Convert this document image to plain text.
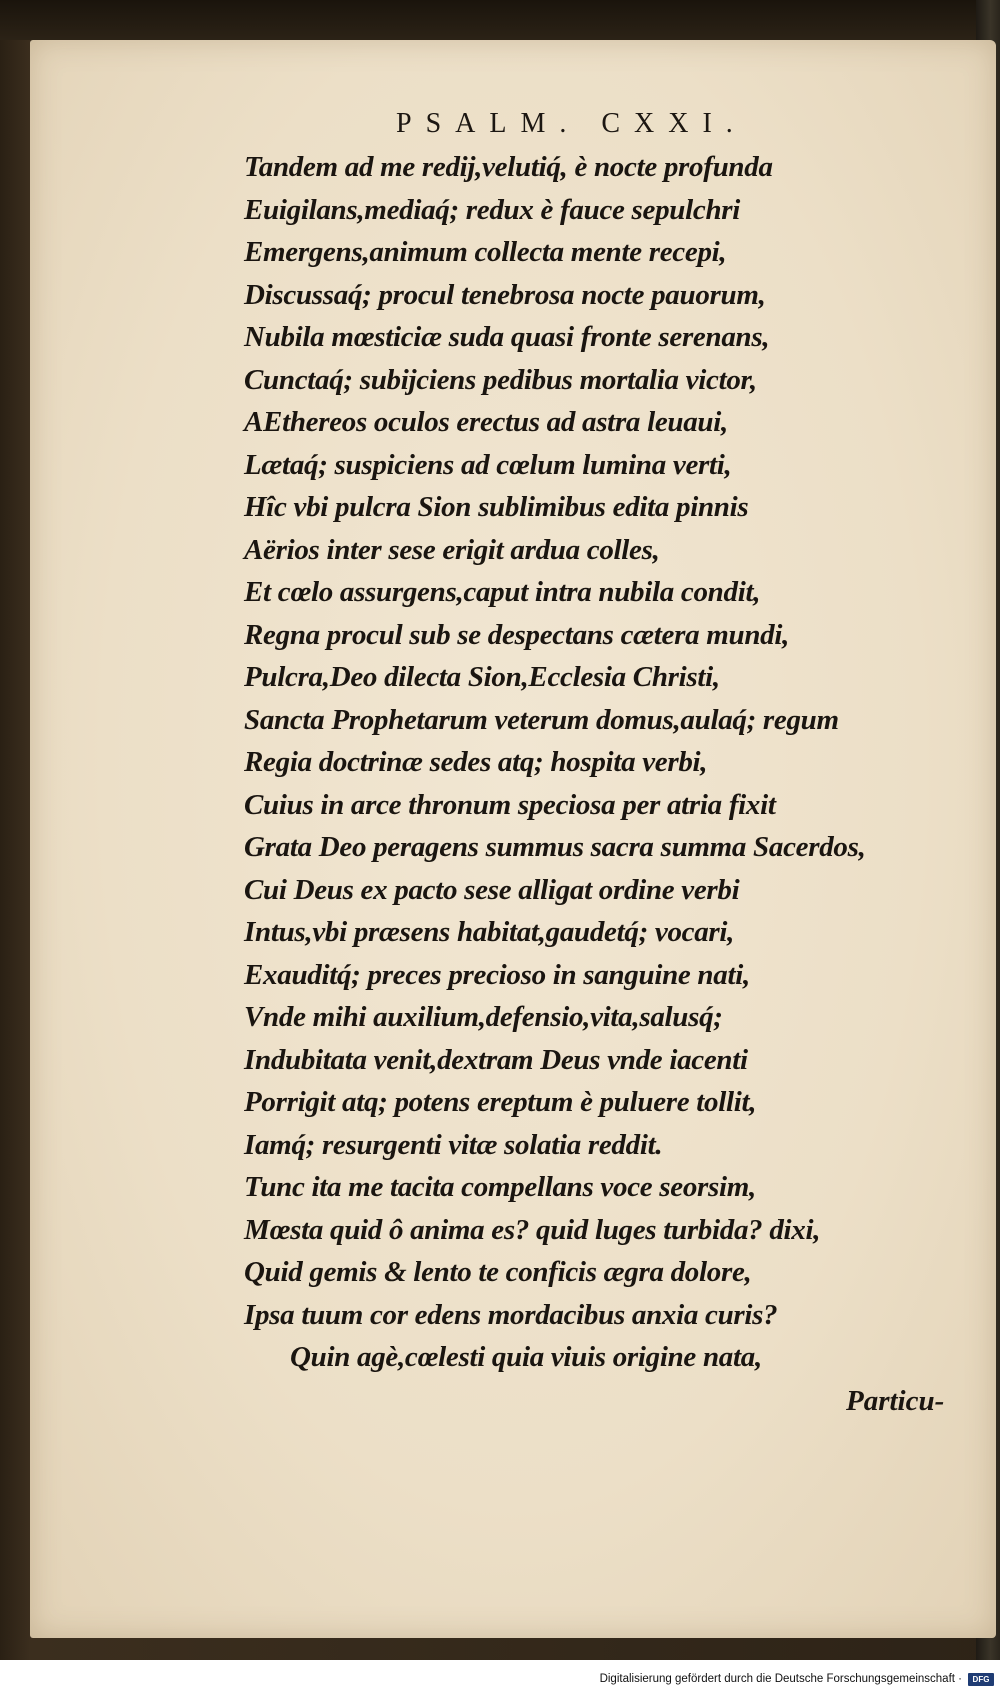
PSALM. CXXI.
Tandem ad me rediј,velutiq́, è nocte profunda
Euigilans,mediaq́; redux è fauce sepulchri
Emergens,animum collecta mente recepi,
Discussaq́; procul tenebrosa nocte pauorum,
Nubila mœsticiæ suda quasi fronte serenans,
Cunctaq́; subijciens pedibus mortalia victor,
AEthereos oculos erectus ad astra leuaui,
Lætaq́; suspiciens ad cœlum lumina verti,
Hîc vbi pulcra Sion sublimibus edita pinnis
Aërios inter sese erigit ardua colles,
Et cœlo assurgens,caput intra nubila condit,
Regna procul sub se despectans cætera mundi,
Pulcra,Deo dilecta Sion,Ecclesia Christi,
Sancta Prophetarum veterum domus,aulaq́; regum
Regia doctrinæ sedes atq; hospita verbi,
Cuius in arce thronum speciosa per atria fixit
Grata Deo peragens summus sacra summa Sacerdos,
Cui Deus ex pacto sese alligat ordine verbi
Intus,vbi præsens habitat,gaudetq́; vocari,
Exauditq́; preces precioso in sanguine nati,
Vnde mihi auxilium,defensio,vita,salusq́;
Indubitata venit,dextram Deus vnde iacenti
Porrigit atq; potens ereptum è puluere tollit,
Iamq́; resurgenti vitæ solatia reddit.
Tunc ita me tacita compellans voce seorsim,
Mœsta quid ô anima es? quid luges turbida? dixi,
Quid gemis & lento te conficis ægra dolore,
Ipsa tuum cor edens mordacibus anxia curis?
Quin agè,cœlesti quia viuis origine nata,
Particu-
Digitalisierung gefördert durch die Deutsche Forschungsgemeinschaft ·	DFG
